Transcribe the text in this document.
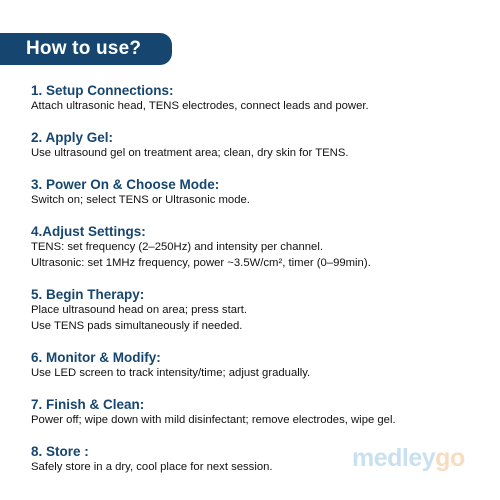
How to use?
1. Setup Connections:
Attach ultrasonic head, TENS electrodes, connect leads and power.
2. Apply Gel:
Use ultrasound gel on treatment area; clean, dry skin for TENS.
3. Power On & Choose Mode:
Switch on; select TENS or Ultrasonic mode.
4.Adjust Settings:
TENS: set frequency (2–250Hz) and intensity per channel.
Ultrasonic: set 1MHz frequency, power ~3.5W/cm², timer (0–99min).
5. Begin Therapy:
Place ultrasound head on area; press start.
Use TENS pads simultaneously if needed.
6. Monitor & Modify:
Use LED screen to track intensity/time; adjust gradually.
7. Finish & Clean:
Power off; wipe down with mild disinfectant; remove electrodes, wipe gel.
8. Store :
Safely store in a dry, cool place for next session.	medleygo
